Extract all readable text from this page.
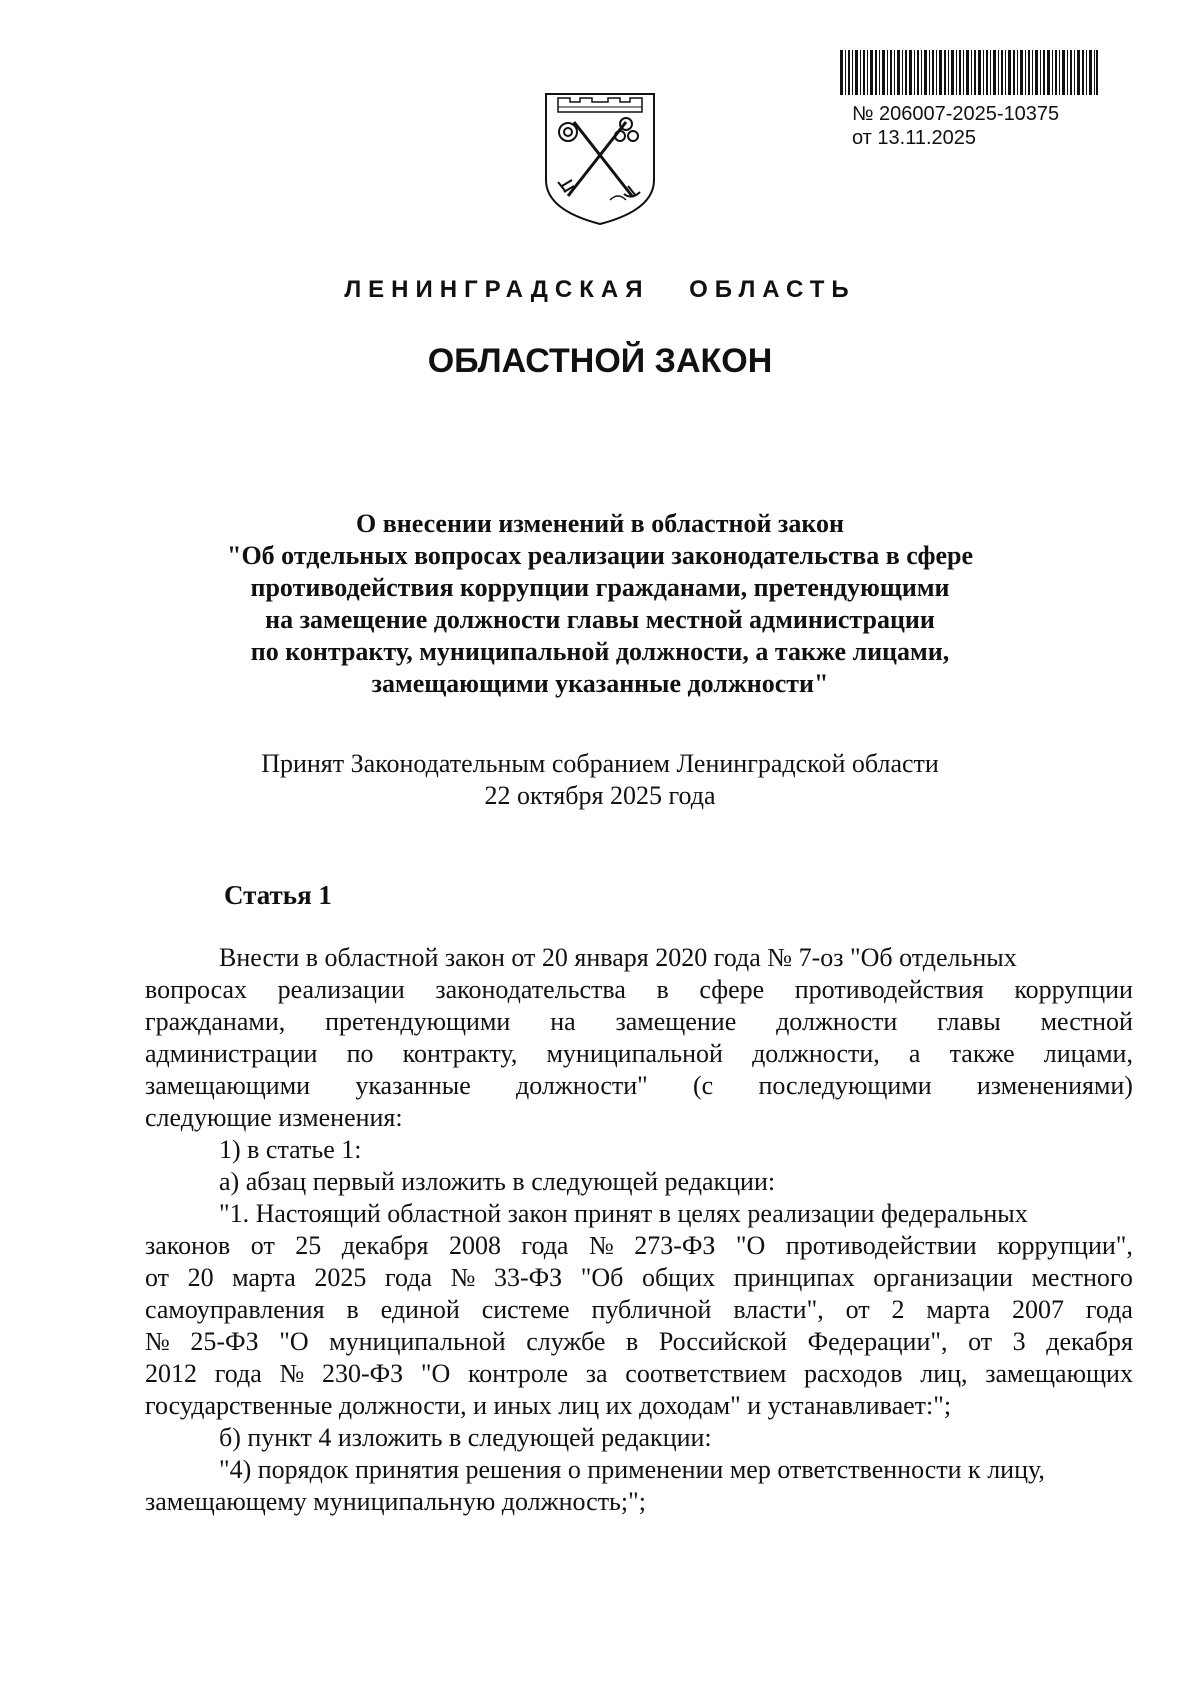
№ 206007-2025-10375
от 13.11.2025
ЛЕНИНГРАДСКАЯ ОБЛАСТЬ
ОБЛАСТНОЙ ЗАКОН
О внесении изменений в областной закон
"Об отдельных вопросах реализации законодательства в сфере
противодействия коррупции гражданами, претендующими
на замещение должности главы местной администрации
по контракту, муниципальной должности, а также лицами,
замещающими указанные должности"
Принят Законодательным собранием Ленинградской области
22 октября 2025 года
Статья 1
Внести в областной закон от 20 января 2020 года № 7-оз "Об отдельных
вопросах реализации законодательства в сфере противодействия коррупции
гражданами, претендующими на замещение должности главы местной
администрации по контракту, муниципальной должности, а также лицами,
замещающими указанные должности" (с последующими изменениями)
следующие изменения:
1) в статье 1:
а) абзац первый изложить в следующей редакции:
"1. Настоящий областной закон принят в целях реализации федеральных
законов от 25 декабря 2008 года № 273-ФЗ "О противодействии коррупции",
от 20 марта 2025 года № 33-ФЗ "Об общих принципах организации местного
самоуправления в единой системе публичной власти", от 2 марта 2007 года
№ 25-ФЗ "О муниципальной службе в Российской Федерации", от 3 декабря
2012 года № 230-ФЗ "О контроле за соответствием расходов лиц, замещающих
государственные должности, и иных лиц их доходам" и устанавливает:";
б) пункт 4 изложить в следующей редакции:
"4) порядок принятия решения о применении мер ответственности к лицу,
замещающему муниципальную должность;";
